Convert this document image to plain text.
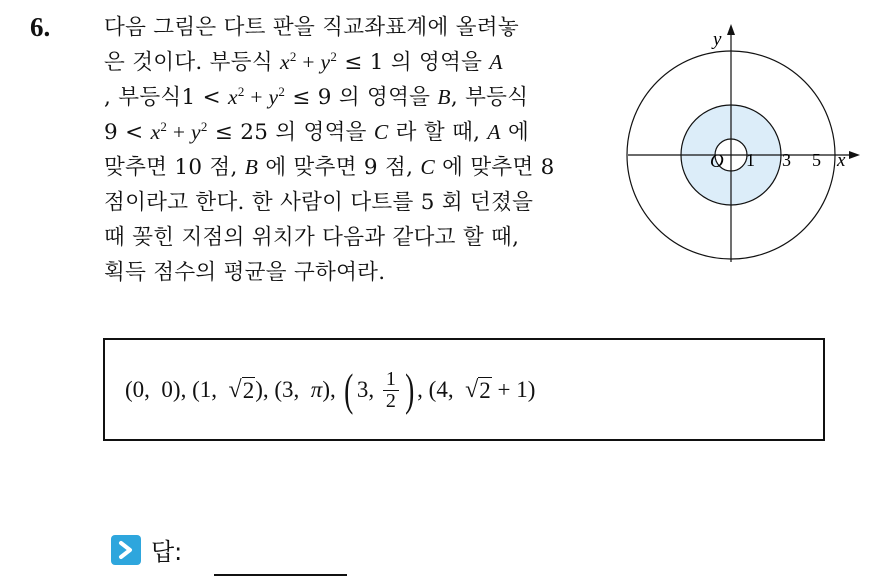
6.	다음 그림은 다트 판을 직교좌표계에 올려놓
은 것이다. 부등식 $x^2 + y^2 \le 1$ 의 영역을 A
, 부등식$1 < x^2 + y^2 \le 9$ 의 영역을 B, 부등식
$9 < x^2 + y^2 \le 25$ 의 영역을 C 라 할 때, A 에
맞추면 10 점, B 에 맞추면 9 점, C 에 맞추면 8
점이라고 한다. 한 사람이 다트를 5 회 던졌을
때 꽂힌 지점의 위치가 다음과 같다고 할 때,
획득 점수의 평균을 구하여라.
y
x
O 1 3 5
(0,  0), (1, √ 2 ), (3,  π), ( 3 , $\frac{1}{2}$ ) , (4, √ 2 + 1)
답:
